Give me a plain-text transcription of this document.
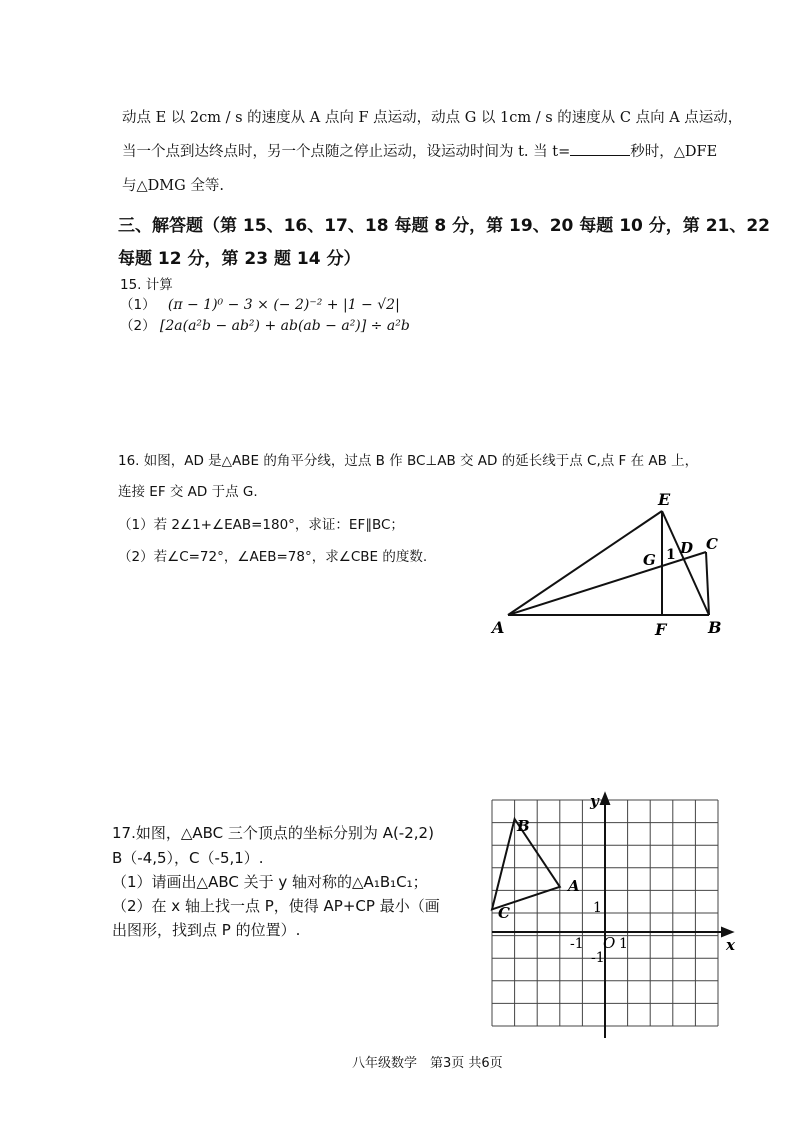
动点 E 以 2cm / s 的速度从 A 点向 F 点运动，动点 G 以 1cm / s 的速度从 C 点向 A 点运动，
当一个点到达终点时，另一个点随之停止运动，设运动时间为 t. 当 t=	秒时，△DFE
与△DMG 全等.
三、解答题（第 15、16、17、18 每题 8 分，第 19、20 每题 10 分，第 21、22
每题 12 分，第 23 题 14 分）
15. 计算
（1） (π − 1)⁰ − 3 × (− 2)⁻² + |1 − √2|
（2） [2a(a²b − ab²) + ab(ab − a²)] ÷ a²b
16. 如图，AD 是△ABE 的角平分线，过点 B 作 BC⊥AB 交 AD 的延长线于点 C,点 F 在 AB 上，
连接 EF 交 AD 于点 G.
（1）若 2∠1+∠EAB=180°，求证：EF∥BC；
（2）若∠C=72°，∠AEB=78°，求∠CBE 的度数.
E
G 1 D C
A	F	B
17.如图，△ABC 三个顶点的坐标分别为 A(-2,2)
B（-4,5），C（-5,1）.
（1）请画出△ABC 关于 y 轴对称的△A₁B₁C₁；
（2）在 x 轴上找一点 P，使得 AP+CP 最小（画
出图形，找到点 P 的位置）.
y
x
O
1
-1	1
-1
A
B
C
八年级数学　第3页 共6页
